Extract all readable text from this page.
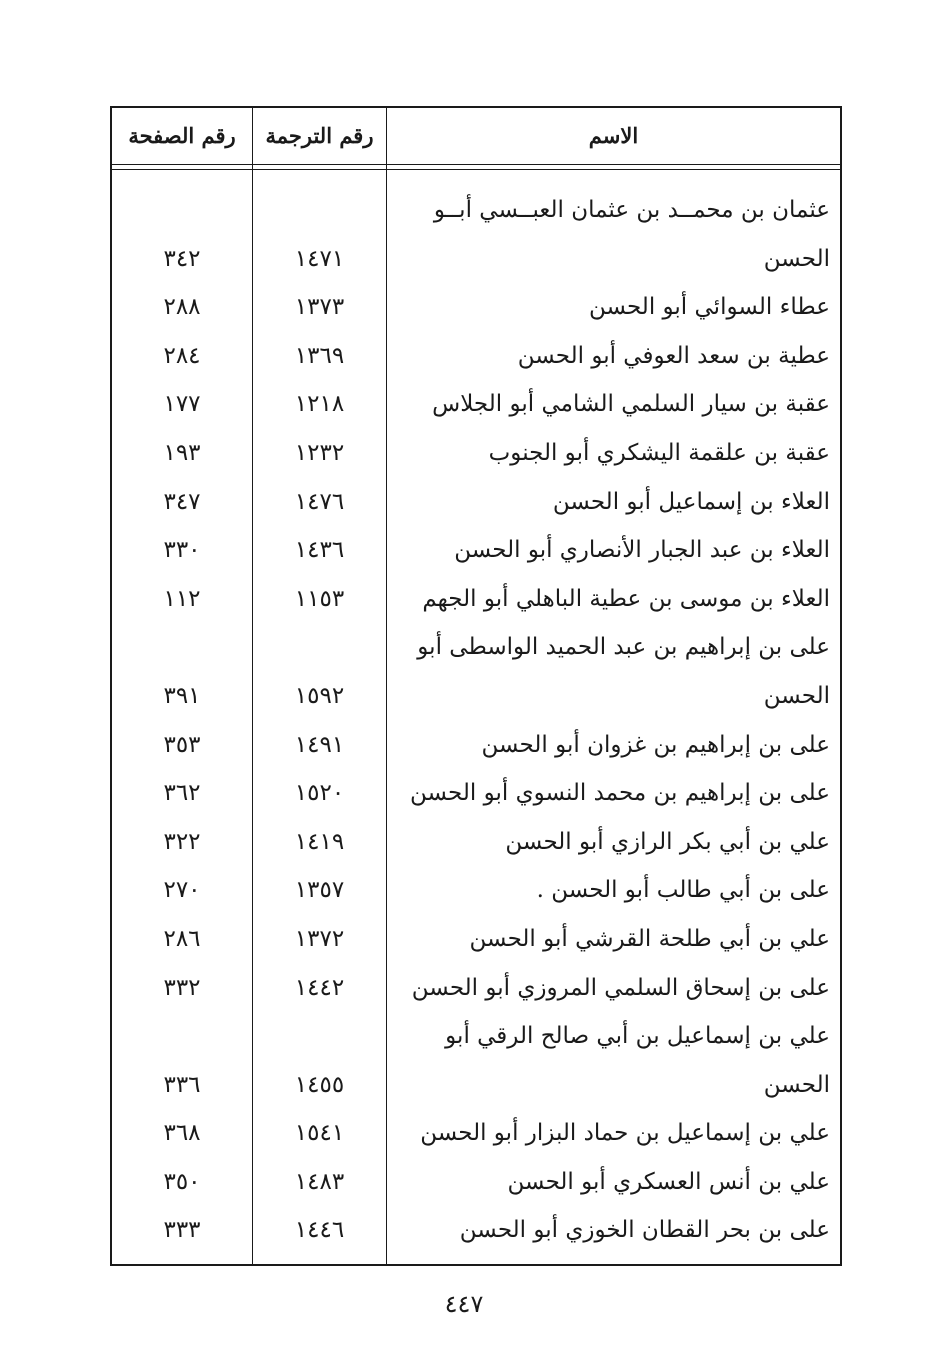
الاسم
رقم الترجمة
رقم الصفحة
عثمان بن محمــد بن عثمان العبــسي أبــو
الحسن
١٤٧١
٣٤٢
عطاء السوائي أبو الحسن
١٣٧٣
٢٨٨
عطية بن سعد العوفي أبو الحسن
١٣٦٩
٢٨٤
عقبة بن سيار السلمي الشامي أبو الجلاس
١٢١٨
١٧٧
عقبة بن علقمة اليشكري أبو الجنوب
١٢٣٢
١٩٣
العلاء بن إسماعيل أبو الحسن
١٤٧٦
٣٤٧
العلاء بن عبد الجبار الأنصاري أبو الحسن
١٤٣٦
٣٣٠
العلاء بن موسى بن عطية الباهلي أبو الجهم
١١٥٣
١١٢
على بن إبراهيم بن عبد الحميد الواسطى أبو
الحسن
١٥٩٢
٣٩١
على بن إبراهيم بن غزوان أبو الحسن
١٤٩١
٣٥٣
على بن إبراهيم بن محمد النسوي أبو الحسن
١٥٢٠
٣٦٢
علي بن أبي بكر الرازي أبو الحسن
١٤١٩
٣٢٢
على بن أبي طالب أبو الحسن .
١٣٥٧
٢٧٠
علي بن أبي طلحة القرشي أبو الحسن
١٣٧٢
٢٨٦
على بن إسحاق السلمي المروزي أبو الحسن
١٤٤٢
٣٣٢
علي بن إسماعيل بن أبي صالح الرقي أبو
الحسن
١٤٥٥
٣٣٦
علي بن إسماعيل بن حماد البزار أبو الحسن
١٥٤١
٣٦٨
علي بن أنس العسكري أبو الحسن
١٤٨٣
٣٥٠
على بن بحر القطان الخوزي أبو الحسن
١٤٤٦
٣٣٣
٤٤٧
